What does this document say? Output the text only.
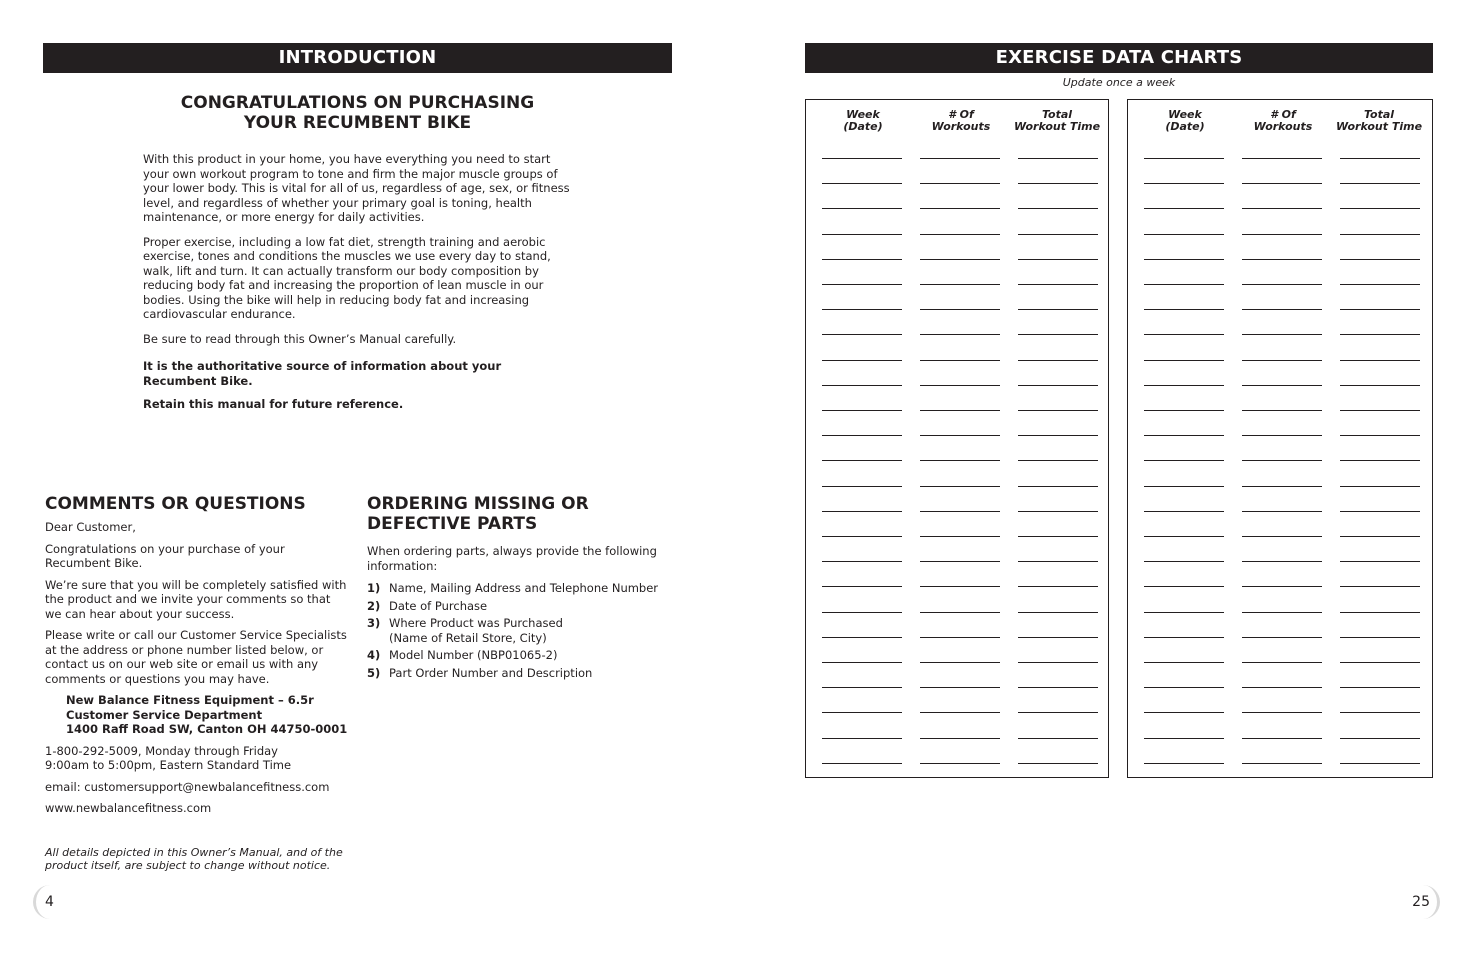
INTRODUCTION
CONGRATULATIONS ON PURCHASING
YOUR RECUMBENT BIKE

With this product in your home, you have everything you need to start your own workout program to tone and firm the major muscle groups of your lower body. This is vital for all of us, regardless of age, sex, or fitness level, and regardless of whether your primary goal is toning, health maintenance, or more energy for daily activities.

Proper exercise, including a low fat diet, strength training and aerobic exercise, tones and conditions the muscles we use every day to stand, walk, lift and turn. It can actually transform our body composition by reducing body fat and increasing the proportion of lean muscle in our bodies. Using the bike will help in reducing body fat and increasing cardiovascular endurance.

Be sure to read through this Owner’s Manual carefully.

It is the authoritative source of information about your Recumbent Bike.

Retain this manual for future reference.

COMMENTS OR QUESTIONS

Dear Customer,

Congratulations on your purchase of your Recumbent Bike.

We’re sure that you will be completely satisfied with the product and we invite your comments so that we can hear about your success.

Please write or call our Customer Service Specialists at the address or phone number listed below, or contact us on our web site or email us with any comments or questions you may have.

New Balance Fitness Equipment – 6.5r
Customer Service Department
1400 Raff Road SW, Canton OH 44750-0001

1-800-292-5009, Monday through Friday
9:00am to 5:00pm, Eastern Standard Time

email: customersupport@newbalancefitness.com

www.newbalancefitness.com

All details depicted in this Owner’s Manual, and of the
product itself, are subject to change without notice.
ORDERING MISSING OR
DEFECTIVE PARTS

When ordering parts, always provide the following information:

1) Name, Mailing Address and Telephone Number
2) Date of Purchase
3) Where Product was Purchased
(Name of Retail Store, City)
4) Model Number (NBP01065-2)
5) Part Order Number and Description
4
EXERCISE DATA CHARTS
Update once a week
Week
(Date)
# Of
Workouts
Total
Workout Time
Week
(Date)
# Of
Workouts
Total
Workout Time
25
